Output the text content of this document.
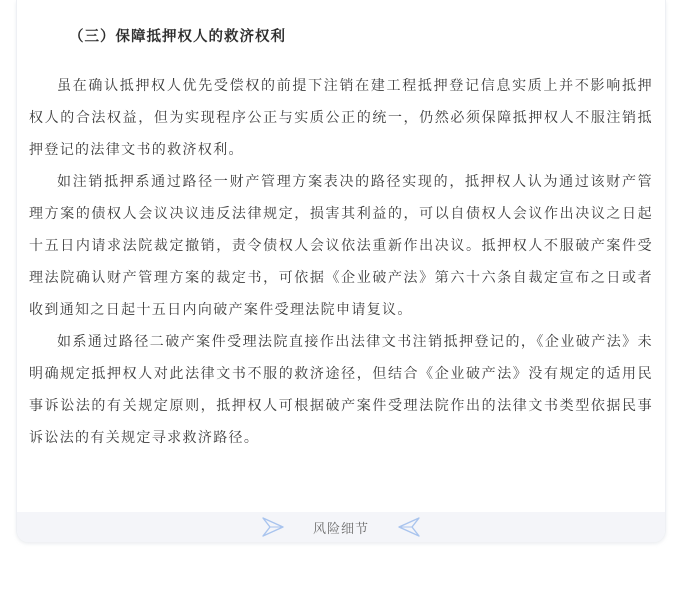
（三）保障抵押权人的救济权利

虽在确认抵押权人优先受偿权的前提下注销在建工程抵押登记信息实质上并不影响抵押权人的合法权益，但为实现程序公正与实质公正的统一，仍然必须保障抵押权人不服注销抵押登记的法律文书的救济权利。

如注销抵押系通过路径一财产管理方案表决的路径实现的，抵押权人认为通过该财产管理方案的债权人会议决议违反法律规定，损害其利益的，可以自债权人会议作出决议之日起十五日内请求法院裁定撤销，责令债权人会议依法重新作出决议。抵押权人不服破产案件受理法院确认财产管理方案的裁定书，可依据《企业破产法》第六十六条自裁定宣布之日或者收到通知之日起十五日内向破产案件受理法院申请复议。

如系通过路径二破产案件受理法院直接作出法律文书注销抵押登记的，《企业破产法》未明确规定抵押权人对此法律文书不服的救济途径，但结合《企业破产法》没有规定的适用民事诉讼法的有关规定原则，抵押权人可根据破产案件受理法院作出的法律文书类型依据民事诉讼法的有关规定寻求救济路径。

风险细节
